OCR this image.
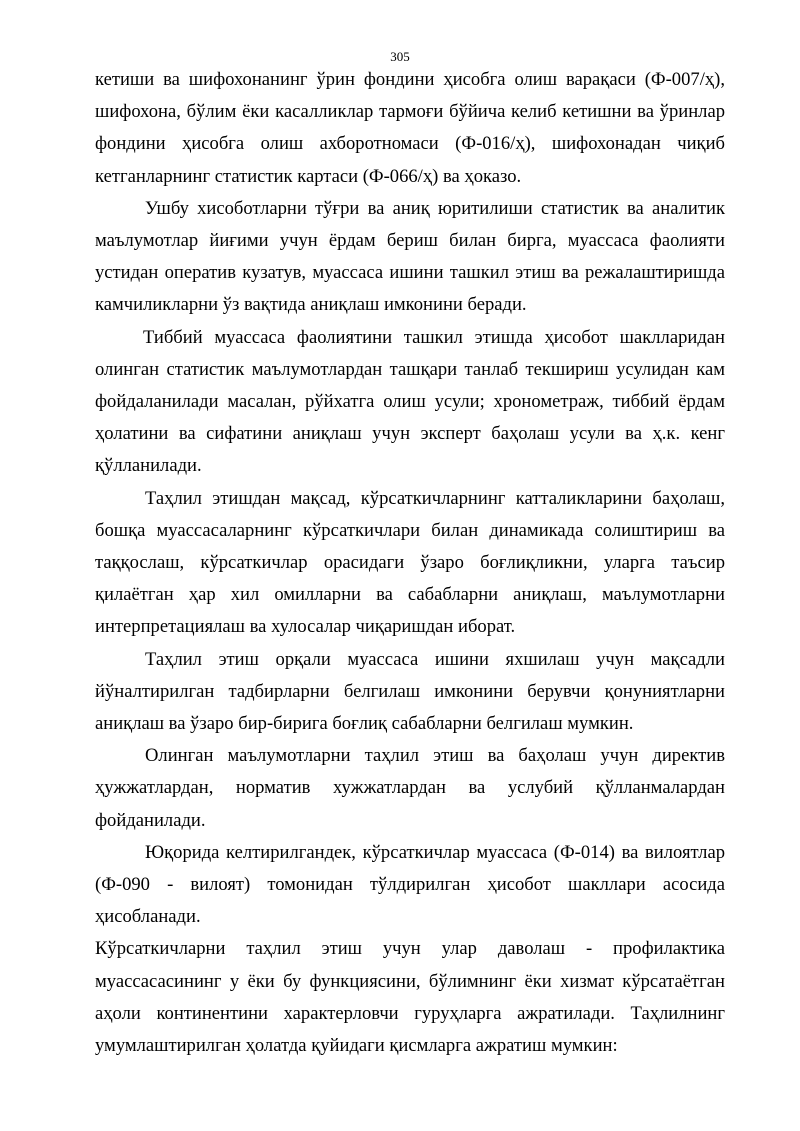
305

кетиши ва шифохонанинг ўрин фондини ҳисобга олиш варақаси (Ф-007/ҳ), шифохона, бўлим ёки касалликлар тармоғи бўйича келиб кетишни ва ўринлар фондини ҳисобга олиш ахборотномаси (Ф-016/ҳ), шифохонадан чиқиб кетганларнинг статистик картаси (Ф-066/ҳ) ва ҳоказо.

Ушбу хисоботларни тўғри ва аниқ юритилиши статистик ва аналитик маълумотлар йиғими учун ёрдам бериш билан бирга, муассаса фаолияти устидан оператив кузатув, муассаса ишини ташкил этиш ва режалаштиришда камчиликларни ўз вақтида аниқлаш имконини беради.

Тиббий муассаса фаолиятини ташкил этишда ҳисобот шаклларидан олинган статистик маълумотлардан ташқари танлаб текшириш усулидан кам фойдаланилади масалан, рўйхатга олиш усули; хронометраж, тиббий ёрдам ҳолатини ва сифатини аниқлаш учун эксперт баҳолаш усули ва ҳ.к. кенг қўлланилади.

Таҳлил этишдан мақсад, кўрсаткичларнинг катталикларини баҳолаш, бошқа муассасаларнинг кўрсаткичлари билан динамикада солиштириш ва таққослаш, кўрсаткичлар орасидаги ўзаро боғлиқликни, уларга таъсир қилаётган ҳар хил омилларни ва сабабларни аниқлаш, маълумотларни интерпретациялаш ва хулосалар чиқаришдан иборат.

Таҳлил этиш орқали муассаса ишини яхшилаш учун мақсадли йўналтирилган тадбирларни белгилаш имконини берувчи қонуниятларни аниқлаш ва ўзаро бир-бирига боғлиқ сабабларни белгилаш мумкин.

Олинган маълумотларни таҳлил этиш ва баҳолаш учун директив ҳужжатлардан, норматив хужжатлардан ва услубий қўлланмалардан фойданилади.

Юқорида келтирилгандек, кўрсаткичлар муассаса (Ф-014) ва вилоятлар (Ф-090 - вилоят) томонидан тўлдирилган ҳисобот шакллари асосида ҳисобланади.

Кўрсаткичларни таҳлил этиш учун улар даволаш - профилактика муассасасининг у ёки бу функциясини, бўлимнинг ёки хизмат кўрсатаётган аҳоли континентини характерловчи гуруҳларга ажратилади. Таҳлилнинг умумлаштирилган ҳолатда қуйидаги қисмларга ажратиш мумкин:
